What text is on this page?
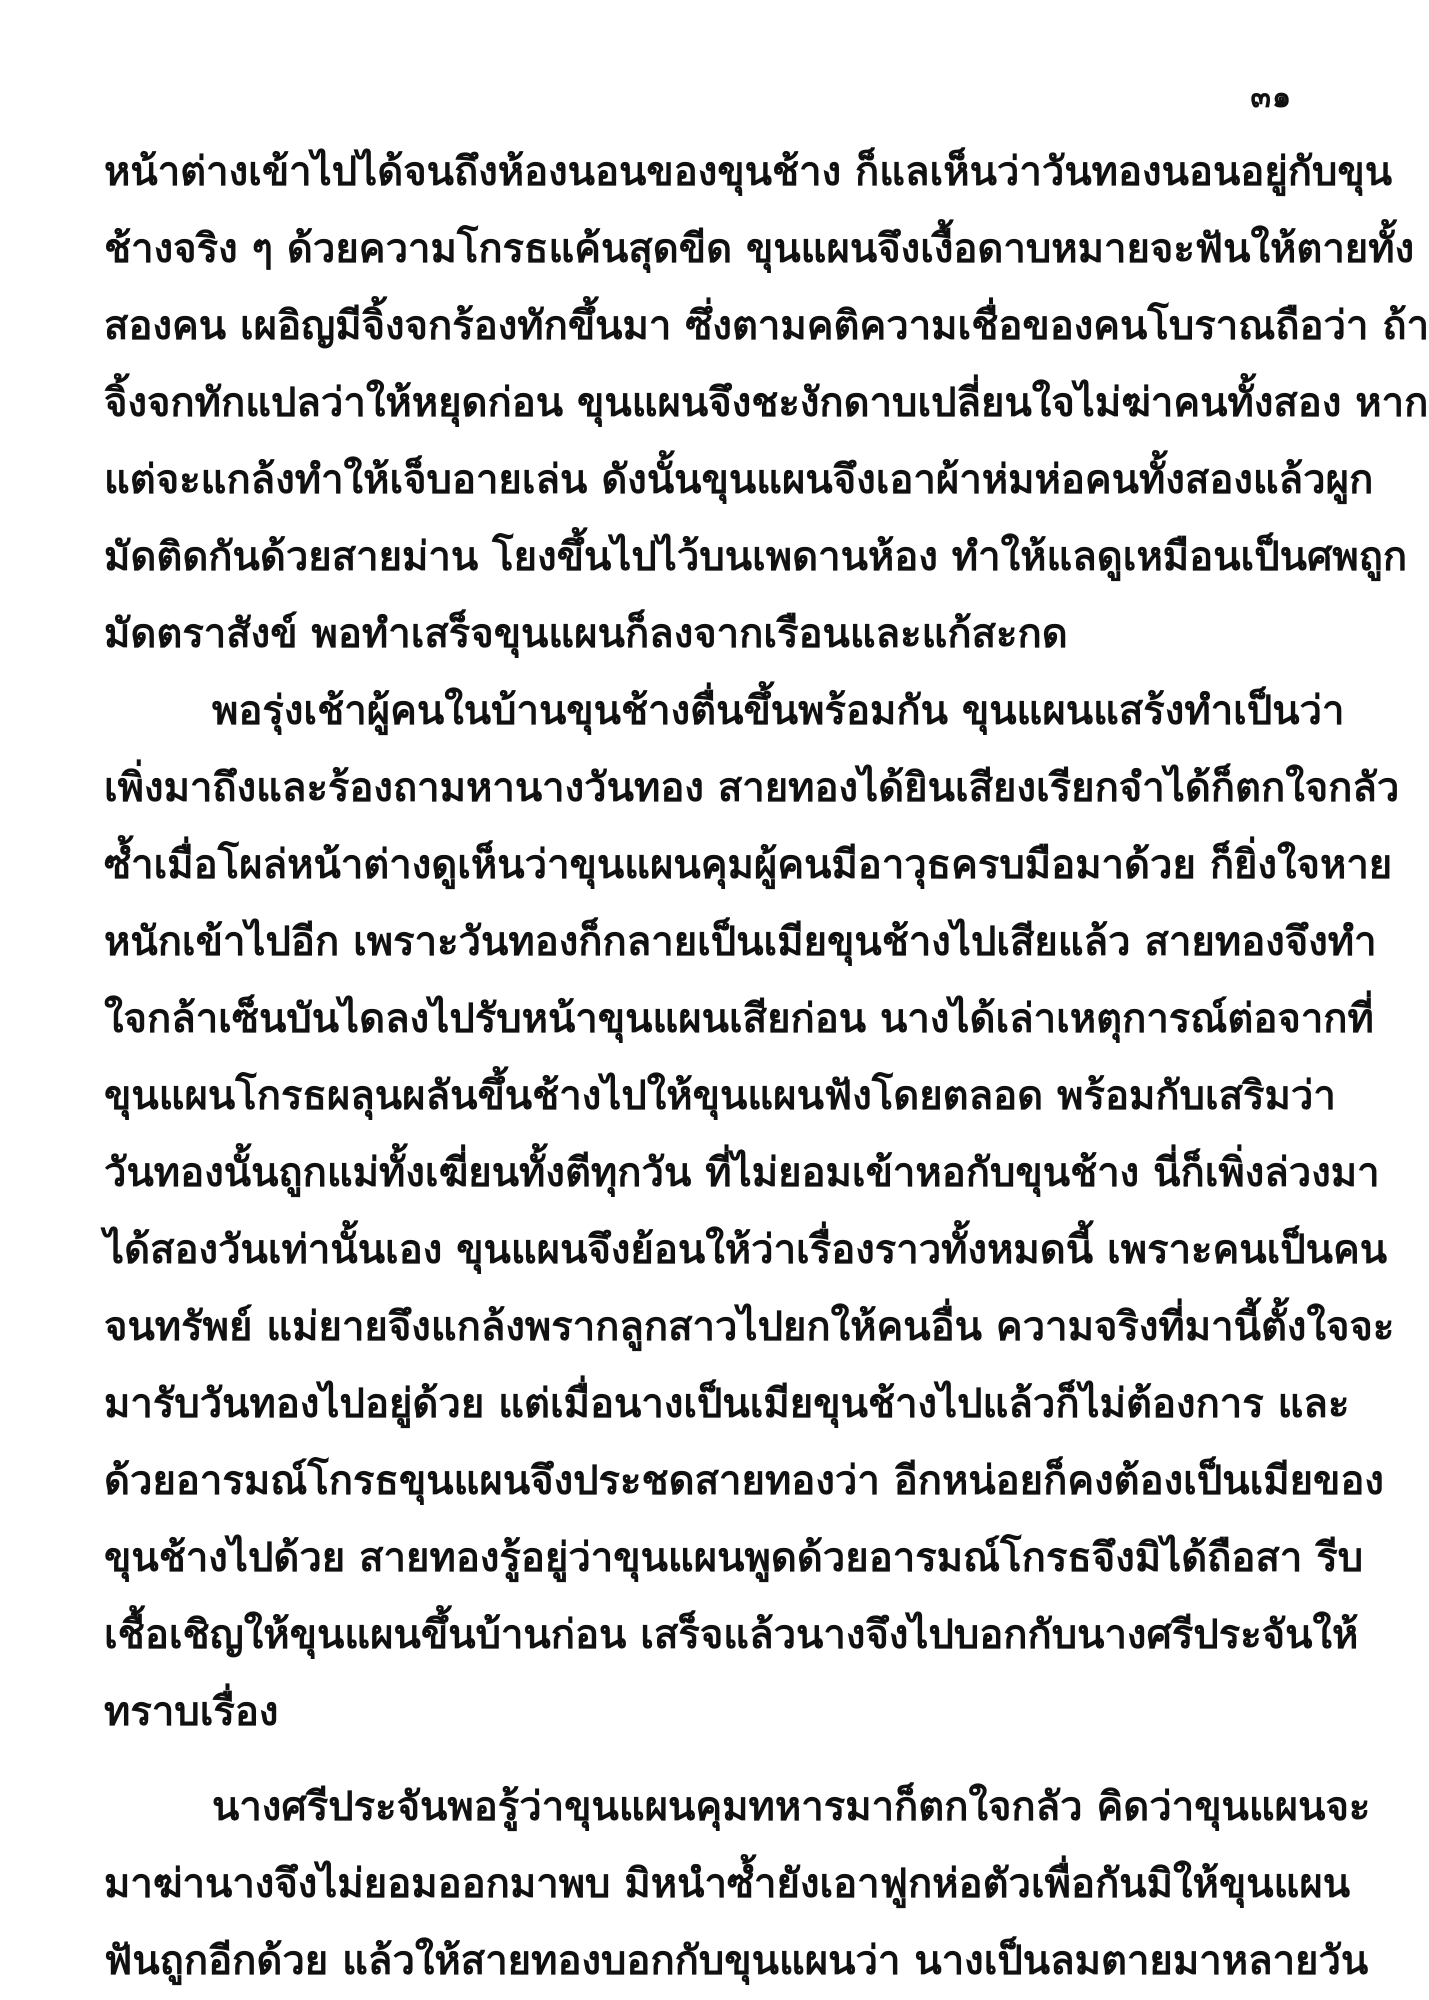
๓๑
หน้าต่างเข้าไปได้จนถึงห้องนอนของขุนช้าง ก็แลเห็นว่าวันทองนอนอยู่กับขุน
ช้างจริง ๆ ด้วยความโกรธแค้นสุดขีด ขุนแผนจึงเงื้อดาบหมายจะฟันให้ตายทั้ง
สองคน เผอิญมีจิ้งจกร้องทักขึ้นมา ซึ่งตามคติความเชื่อของคนโบราณถือว่า ถ้า
จิ้งจกทักแปลว่าให้หยุดก่อน ขุนแผนจึงชะงักดาบเปลี่ยนใจไม่ฆ่าคนทั้งสอง หาก
แต่จะแกล้งทำให้เจ็บอายเล่น ดังนั้นขุนแผนจึงเอาผ้าห่มห่อคนทั้งสองแล้วผูก
มัดติดกันด้วยสายม่าน โยงขึ้นไปไว้บนเพดานห้อง ทำให้แลดูเหมือนเป็นศพถูก
มัดตราสังข์ พอทำเสร็จขุนแผนก็ลงจากเรือนและแก้สะกด
พอรุ่งเช้าผู้คนในบ้านขุนช้างตื่นขึ้นพร้อมกัน ขุนแผนแสร้งทำเป็นว่า
เพิ่งมาถึงและร้องถามหานางวันทอง สายทองได้ยินเสียงเรียกจำได้ก็ตกใจกลัว
ซ้ำเมื่อโผล่หน้าต่างดูเห็นว่าขุนแผนคุมผู้คนมีอาวุธครบมือมาด้วย ก็ยิ่งใจหาย
หนักเข้าไปอีก เพราะวันทองก็กลายเป็นเมียขุนช้างไปเสียแล้ว สายทองจึงทำ
ใจกล้าเซ็นบันไดลงไปรับหน้าขุนแผนเสียก่อน นางได้เล่าเหตุการณ์ต่อจากที่
ขุนแผนโกรธผลุนผลันขึ้นช้างไปให้ขุนแผนฟังโดยตลอด พร้อมกับเสริมว่า
วันทองนั้นถูกแม่ทั้งเฆี่ยนทั้งตีทุกวัน ที่ไม่ยอมเข้าหอกับขุนช้าง นี่ก็เพิ่งล่วงมา
ได้สองวันเท่านั้นเอง ขุนแผนจึงย้อนให้ว่าเรื่องราวทั้งหมดนี้ เพราะคนเป็นคน
จนทรัพย์ แม่ยายจึงแกล้งพรากลูกสาวไปยกให้คนอื่น ความจริงที่มานี้ตั้งใจจะ
มารับวันทองไปอยู่ด้วย แต่เมื่อนางเป็นเมียขุนช้างไปแล้วก็ไม่ต้องการ และ
ด้วยอารมณ์โกรธขุนแผนจึงประชดสายทองว่า อีกหน่อยก็คงต้องเป็นเมียของ
ขุนช้างไปด้วย สายทองรู้อยู่ว่าขุนแผนพูดด้วยอารมณ์โกรธจึงมิได้ถือสา รีบ
เชื้อเชิญให้ขุนแผนขึ้นบ้านก่อน เสร็จแล้วนางจึงไปบอกกับนางศรีประจันให้
ทราบเรื่อง
นางศรีประจันพอรู้ว่าขุนแผนคุมทหารมาก็ตกใจกลัว คิดว่าขุนแผนจะ
มาฆ่านางจึงไม่ยอมออกมาพบ มิหนำซ้ำยังเอาฟูกห่อตัวเพื่อกันมิให้ขุนแผน
ฟันถูกอีกด้วย แล้วให้สายทองบอกกับขุนแผนว่า นางเป็นลมตายมาหลายวัน
